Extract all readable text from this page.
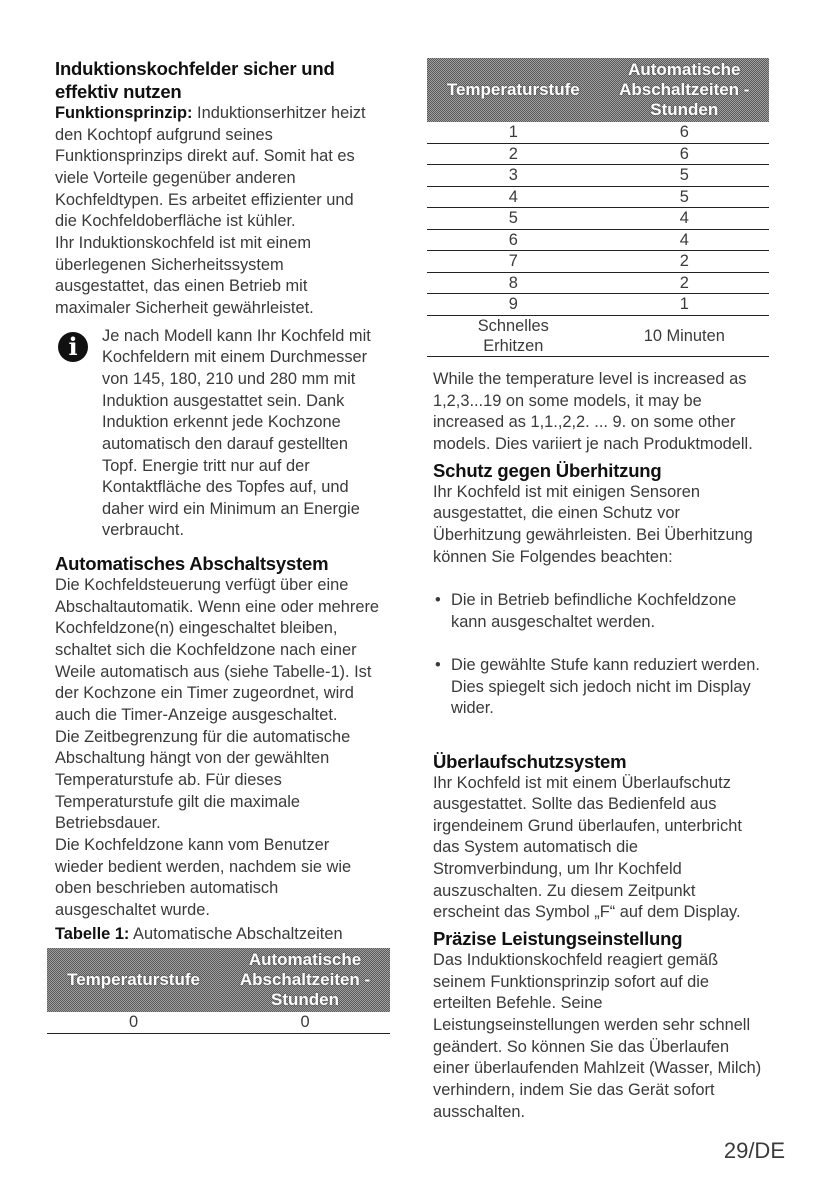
Induktionskochfelder sicher und
effektiv nutzen
Funktionsprinzip: Induktionserhitzer heizt
den Kochtopf aufgrund seines
Funktionsprinzips direkt auf. Somit hat es
viele Vorteile gegenüber anderen
Kochfeldtypen. Es arbeitet effizienter und
die Kochfeldoberfläche ist kühler.
Ihr Induktionskochfeld ist mit einem
überlegenen Sicherheitssystem
ausgestattet, das einen Betrieb mit
maximaler Sicherheit gewährleistet.
i	Je nach Modell kann Ihr Kochfeld mit
Kochfeldern mit einem Durchmesser
von 145, 180, 210 und 280 mm mit
Induktion ausgestattet sein. Dank
Induktion erkennt jede Kochzone
automatisch den darauf gestellten
Topf. Energie tritt nur auf der
Kontaktfläche des Topfes auf, und
daher wird ein Minimum an Energie
verbraucht.
Automatisches Abschaltsystem
Die Kochfeldsteuerung verfügt über eine
Abschaltautomatik. Wenn eine oder mehrere
Kochfeldzone(n) eingeschaltet bleiben,
schaltet sich die Kochfeldzone nach einer
Weile automatisch aus (siehe Tabelle-1). Ist
der Kochzone ein Timer zugeordnet, wird
auch die Timer-Anzeige ausgeschaltet.
Die Zeitbegrenzung für die automatische
Abschaltung hängt von der gewählten
Temperaturstufe ab. Für dieses
Temperaturstufe gilt die maximale
Betriebsdauer.
Die Kochfeldzone kann vom Benutzer
wieder bedient werden, nachdem sie wie
oben beschrieben automatisch
ausgeschaltet wurde.
Tabelle 1: Automatische Abschaltzeiten
Temperaturstufe	Automatische
Abschaltzeiten -
Stunden
0	0
Temperaturstufe	Automatische
Abschaltzeiten -
Stunden
1	6
2	6
3	5
4	5
5	4
6	4
7	2
8	2
9	1
Schnelles
Erhitzen	10 Minuten
While the temperature level is increased as
1,2,3...19 on some models, it may be
increased as 1,1.,2,2. ... 9. on some other
models. Dies variiert je nach Produktmodell.
Schutz gegen Überhitzung
Ihr Kochfeld ist mit einigen Sensoren
ausgestattet, die einen Schutz vor
Überhitzung gewährleisten. Bei Überhitzung
können Sie Folgendes beachten:

• Die in Betrieb befindliche Kochfeldzone
kann ausgeschaltet werden.

• Die gewählte Stufe kann reduziert werden.
Dies spiegelt sich jedoch nicht im Display
wider.

Überlaufschutzsystem
Ihr Kochfeld ist mit einem Überlaufschutz
ausgestattet. Sollte das Bedienfeld aus
irgendeinem Grund überlaufen, unterbricht
das System automatisch die
Stromverbindung, um Ihr Kochfeld
auszuschalten. Zu diesem Zeitpunkt
erscheint das Symbol „F“ auf dem Display.
Präzise Leistungseinstellung
Das Induktionskochfeld reagiert gemäß
seinem Funktionsprinzip sofort auf die
erteilten Befehle. Seine
Leistungseinstellungen werden sehr schnell
geändert. So können Sie das Überlaufen
einer überlaufenden Mahlzeit (Wasser, Milch)
verhindern, indem Sie das Gerät sofort
ausschalten.
29/DE
